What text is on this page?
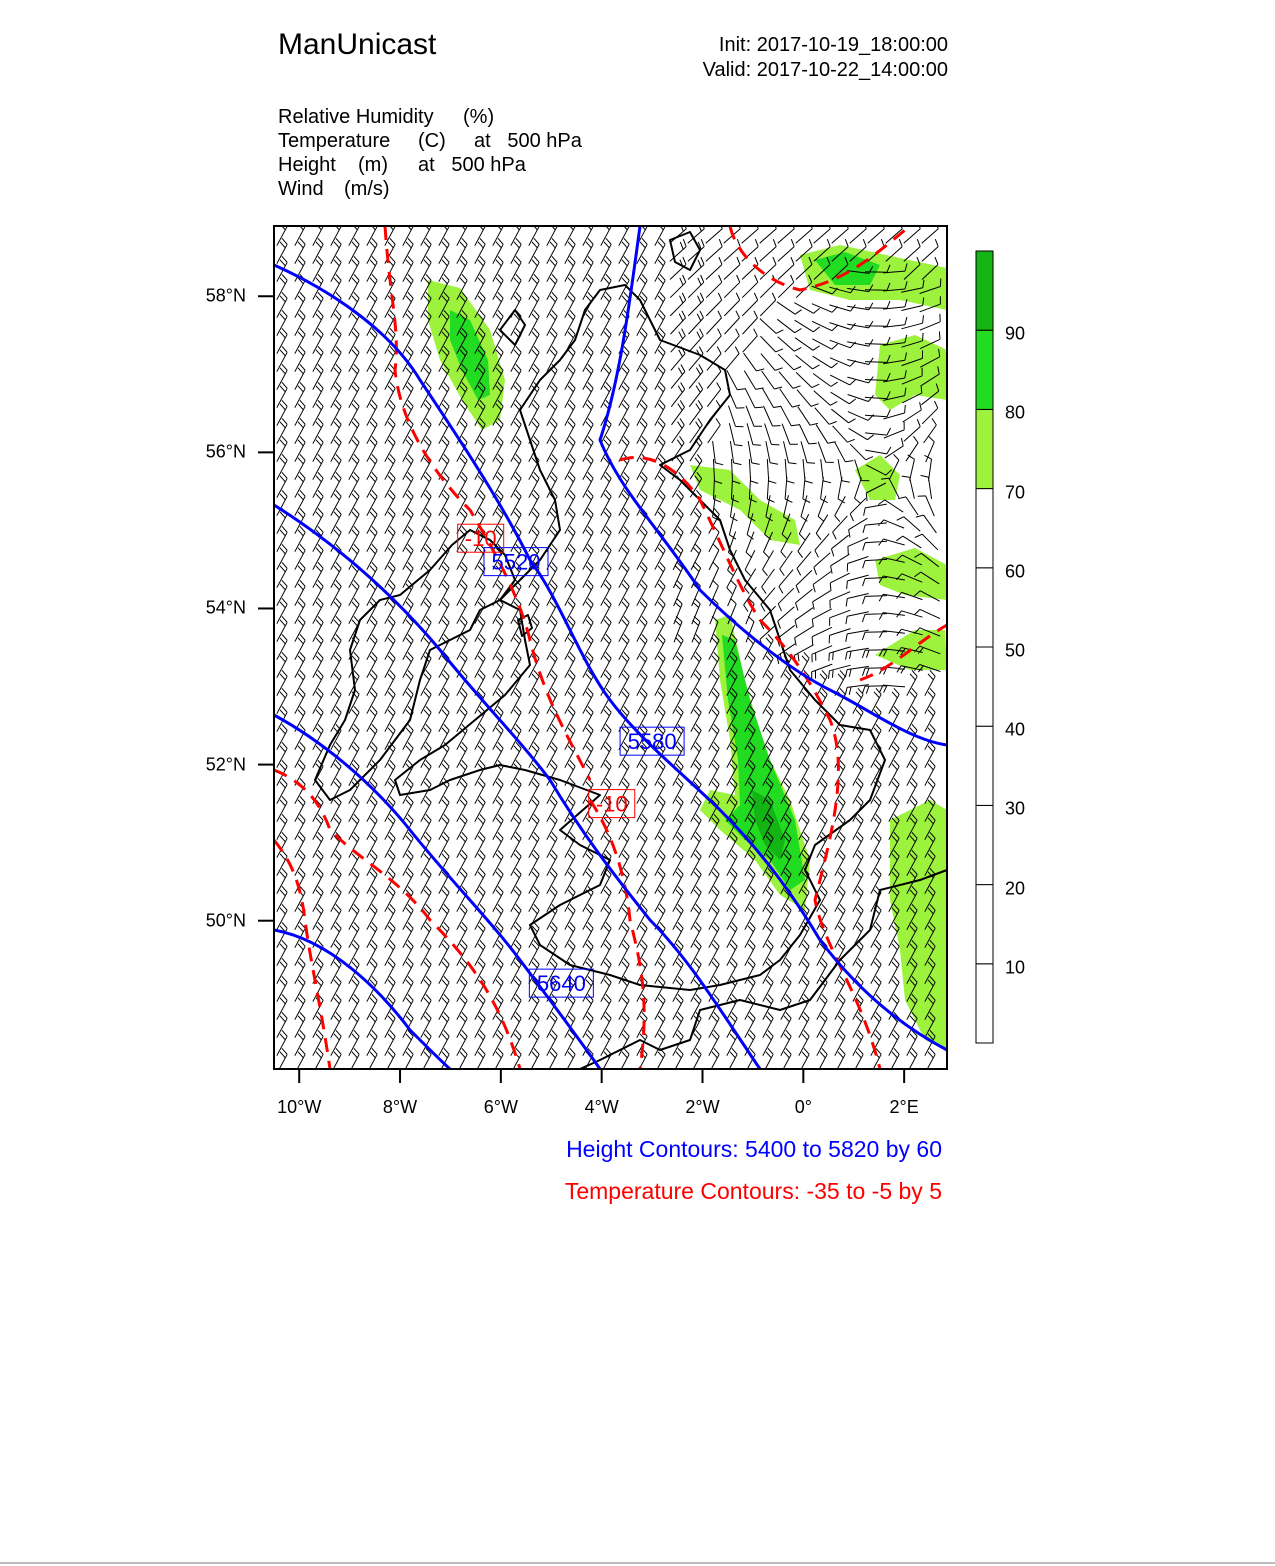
ManUnicast	Init: 2017-10-19_18:00:00
Valid: 2017-10-22_14:00:00
Relative Humidity (%)
Temperature (C) at   500 hPa
Height (m) at   500 hPa
Wind (m/s)
5520
5580
5640
-10
-10
10°W	8°W	6°W	4°W	2°W	0°	2°E
58°N
56°N
54°N
52°N
50°N
10
20
30
40
50
60
70
80
90
Height Contours: 5400 to 5820 by 60
Temperature Contours: -35 to -5 by 5
